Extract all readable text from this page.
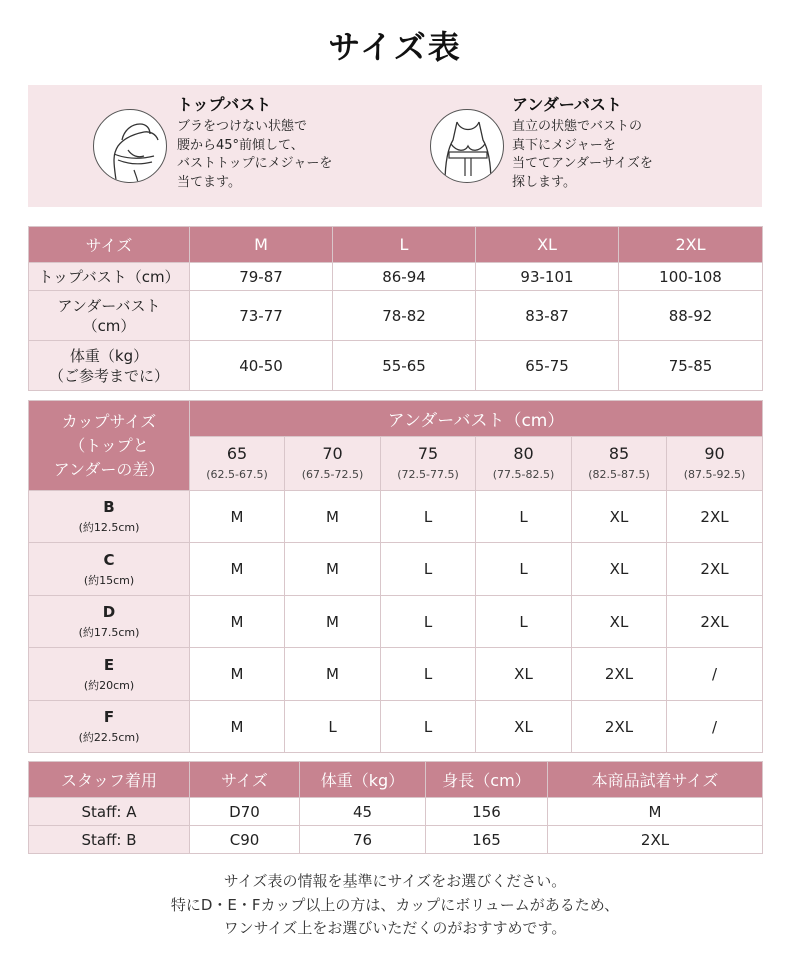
サイズ表
トップバスト
ブラをつけない状態で
腰から45°前傾して、
バストトップにメジャーを
当てます。
アンダーバスト
直立の状態でバストの
真下にメジャーを
当ててアンダーサイズを
探します。
サイズ	M	L	XL	2XL
トップバスト（cm）	79-87	86-94	93-101	100-108

アンダーバスト
（cm）	73-77	78-82	83-87	88-92

体重（kg）
（ご参考までに）	40-50	55-65	65-75	75-85
カップサイズ
（トップと
アンダーの差）	アンダーバスト（cm）					

	65
(62.5-67.5)	70
(67.5-72.5)	75
(72.5-77.5)	80
(77.5-82.5)	85
(82.5-87.5)	90
(87.5-92.5)

B
(約12.5cm)	M	M	L	L	XL	2XL

C
(約15cm)	M	M	L	L	XL	2XL

D
(約17.5cm)	M	M	L	L	XL	2XL

E
(約20cm)	M	M	L	XL	2XL	/

F
(約22.5cm)	M	L	L	XL	2XL	/
スタッフ着用	サイズ	体重（kg）	身長（cm）	本商品試着サイズ
Staff: A	D70	45	156	M
Staff: B	C90	76	165	2XL
サイズ表の情報を基準にサイズをお選びください。
特にD・E・Fカップ以上の方は、カップにボリュームがあるため、
ワンサイズ上をお選びいただくのがおすすめです。
